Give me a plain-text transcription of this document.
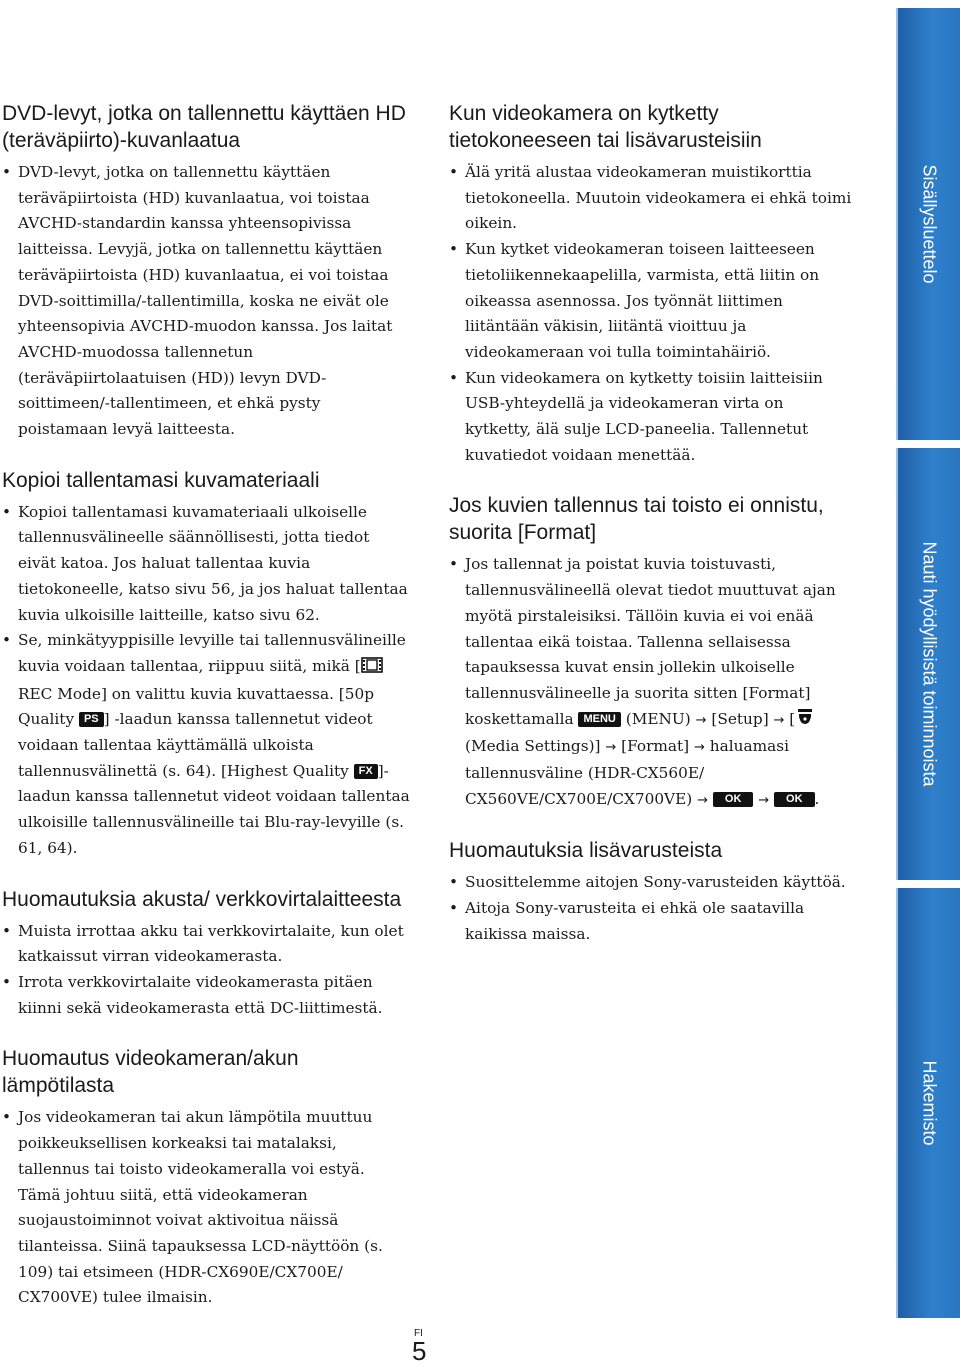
DVD-levyt, jotka on tallennettu käyttäen HD (teräväpiirto)-kuvanlaatua
• DVD-levyt, jotka on tallennettu käyttäen teräväpiirtoista (HD) kuvanlaatua, voi toistaa AVCHD-standardin kanssa yhteensopivissa laitteissa. Levyjä, jotka on tallennettu käyttäen teräväpiirtoista (HD) kuvanlaatua, ei voi toistaa DVD-soittimilla/-tallentimilla, koska ne eivät ole yhteensopivia AVCHD-muodon kanssa. Jos laitat AVCHD-muodossa tallennetun (teräväpiirtolaatuisen (HD)) levyn DVD-soittimeen/-tallentimeen, et ehkä pysty poistamaan levyä laitteesta.
Kopioi tallentamasi kuvamateriaali
• Kopioi tallentamasi kuvamateriaali ulkoiselle tallennusvälineelle säännöllisesti, jotta tiedot eivät katoa. Jos haluat tallentaa kuvia tietokoneelle, katso sivu 56, ja jos haluat tallentaa kuvia ulkoisille laitteille, katso sivu 62.
• Se, minkätyyppisille levyille tai tallennusvälineille kuvia voidaan tallentaa, riippuu siitä, mikä [ REC Mode] on valittu kuvia kuvattaessa. [50p Quality PS ] -laadun kanssa tallennetut videot voidaan tallentaa käyttämällä ulkoista tallennusvälinettä (s. 64). [Highest Quality FX ]-laadun kanssa tallennetut videot voidaan tallentaa ulkoisille tallennusvälineille tai Blu-ray-levyille (s. 61, 64).
Huomautuksia akusta/ verkkovirtalaitteesta
• Muista irrottaa akku tai verkkovirtalaite, kun olet katkaissut virran videokamerasta.
• Irrota verkkovirtalaite videokamerasta pitäen kiinni sekä videokamerasta että DC-liittimestä.
Huomautus videokameran/akun lämpötilasta
• Jos videokameran tai akun lämpötila muuttuu poikkeuksellisen korkeaksi tai matalaksi, tallennus tai toisto videokameralla voi estyä. Tämä johtuu siitä, että videokameran suojaustoiminnot voivat aktivoitua näissä tilanteissa. Siinä tapauksessa LCD-näyttöön (s. 109) tai etsimeen (HDR-CX690E/CX700E/ CX700VE) tulee ilmaisin.
Kun videokamera on kytketty tietokoneeseen tai lisävarusteisiin
• Älä yritä alustaa videokameran muistikorttia tietokoneella. Muutoin videokamera ei ehkä toimi oikein.
• Kun kytket videokameran toiseen laitteeseen tietoliikennekaapelilla, varmista, että liitin on oikeassa asennossa. Jos työnnät liittimen liitäntään väkisin, liitäntä vioittuu ja videokameraan voi tulla toimintahäiriö.
• Kun videokamera on kytketty toisiin laitteisiin USB-yhteydellä ja videokameran virta on kytketty, älä sulje LCD-paneelia. Tallennetut kuvatiedot voidaan menettää.
Jos kuvien tallennus tai toisto ei onnistu, suorita [Format]
• Jos tallennat ja poistat kuvia toistuvasti, tallennusvälineellä olevat tiedot muuttuvat ajan myötä pirstaleisiksi. Tällöin kuvia ei voi enää tallentaa eikä toistaa. Tallenna sellaisessa tapauksessa kuvat ensin jollekin ulkoiselle tallennusvälineelle ja suorita sitten [Format] koskettamalla MENU (MENU) → [Setup] → [ (Media Settings)] → [Format] → haluamasi tallennusväline (HDR-CX560E/ CX560VE/CX700E/CX700VE) → OK → OK .
Huomautuksia lisävarusteista
• Suosittelemme aitojen Sony-varusteiden käyttöä.
• Aitoja Sony-varusteita ei ehkä ole saatavilla kaikissa maissa.
Sisällysluettelo
Nauti hyödyllisistä toiminnoista
Hakemisto
FI
5
